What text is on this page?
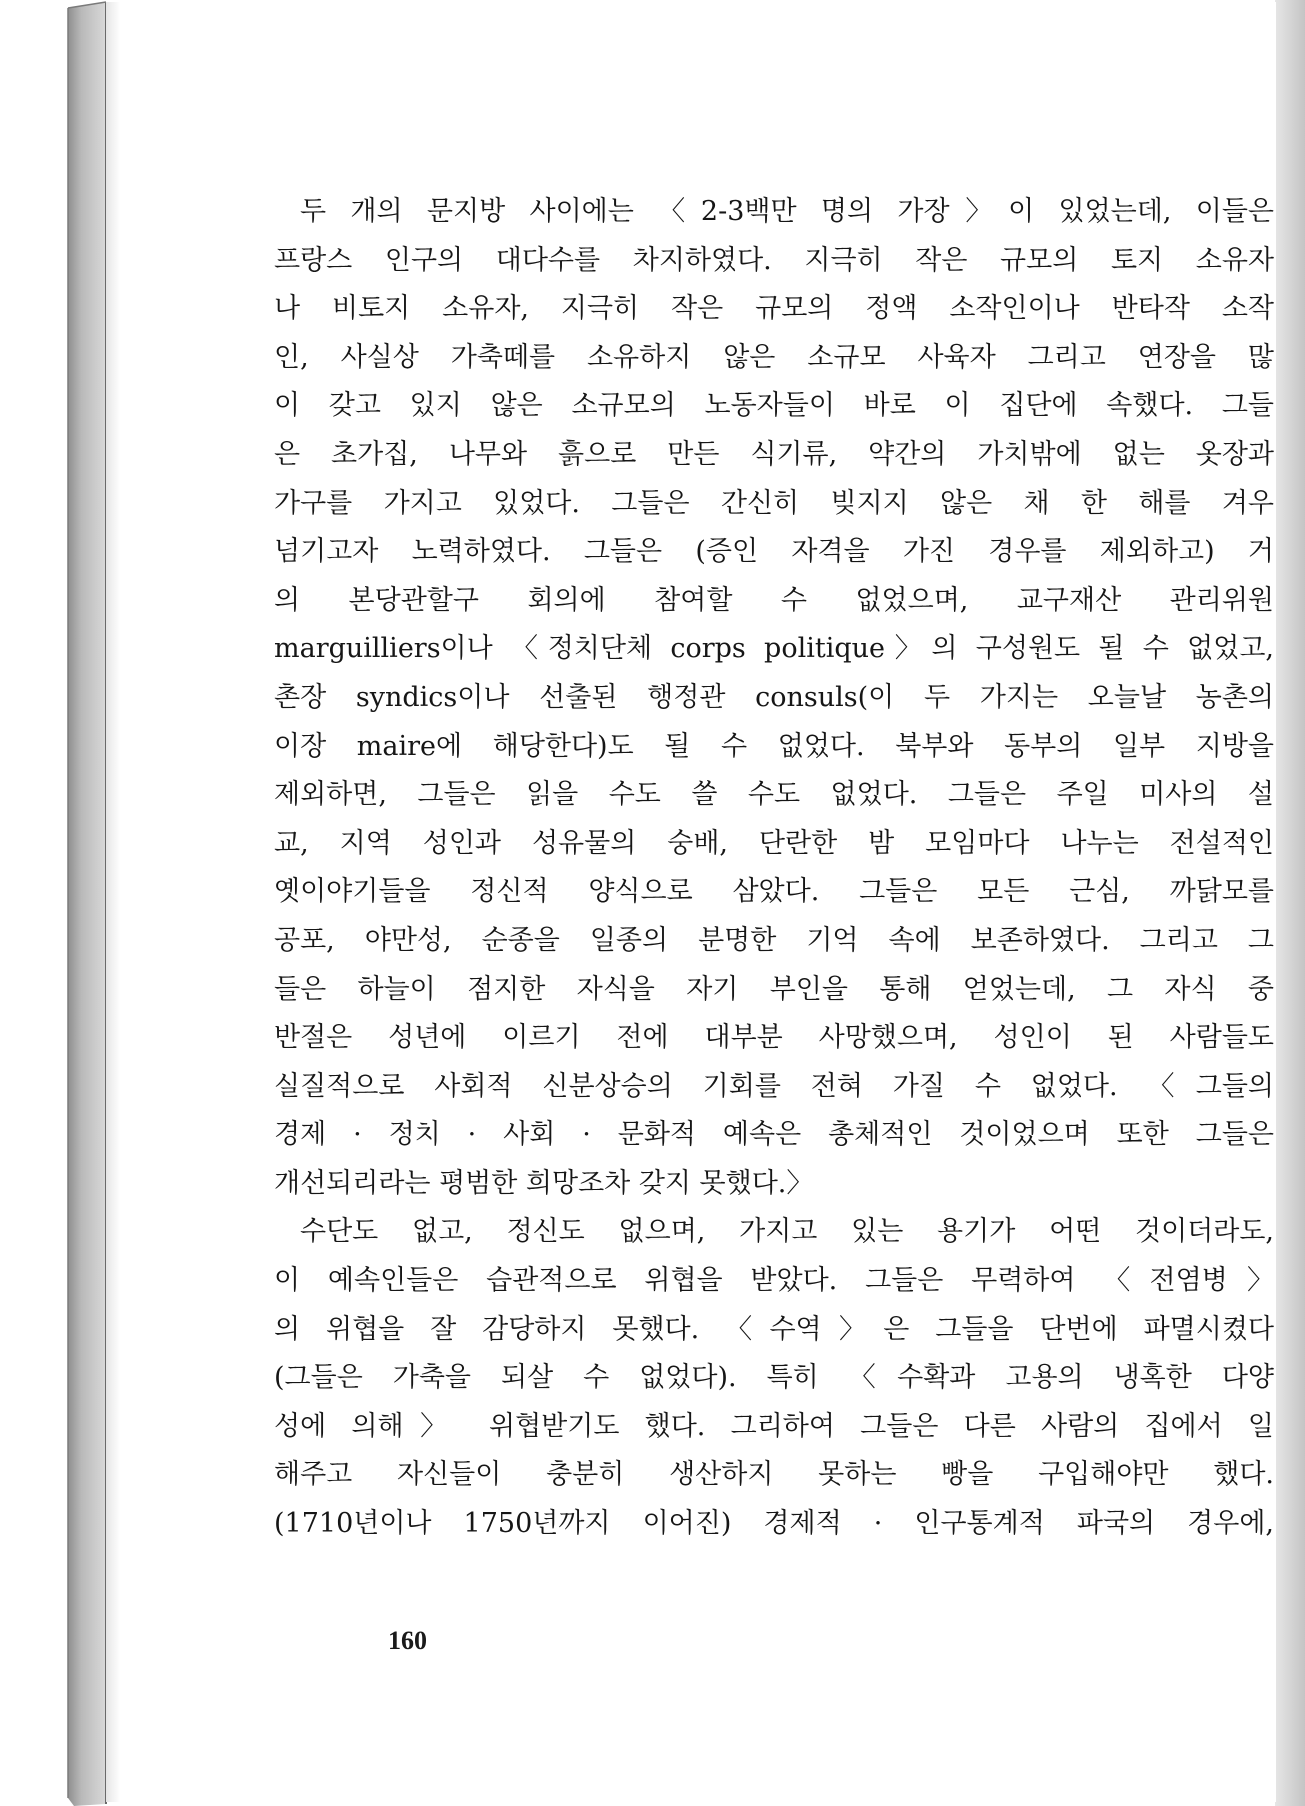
두 개의 문지방 사이에는 〈2-3백만 명의 가장〉이 있었는데, 이들은
프랑스 인구의 대다수를 차지하였다. 지극히 작은 규모의 토지 소유자
나 비토지 소유자, 지극히 작은 규모의 정액 소작인이나 반타작 소작
인, 사실상 가축떼를 소유하지 않은 소규모 사육자 그리고 연장을 많
이 갖고 있지 않은 소규모의 노동자들이 바로 이 집단에 속했다. 그들
은 초가집, 나무와 흙으로 만든 식기류, 약간의 가치밖에 없는 옷장과
가구를 가지고 있었다. 그들은 간신히 빚지지 않은 채 한 해를 겨우
넘기고자 노력하였다. 그들은 (증인 자격을 가진 경우를 제외하고) 거
의 본당관할구 회의에 참여할 수 없었으며, 교구재산 관리위원
marguilliers이나 〈정치단체 corps politique〉의 구성원도 될 수 없었고,
촌장 syndics이나 선출된 행정관 consuls(이 두 가지는 오늘날 농촌의
이장 maire에 해당한다)도 될 수 없었다. 북부와 동부의 일부 지방을
제외하면, 그들은 읽을 수도 쓸 수도 없었다. 그들은 주일 미사의 설
교, 지역 성인과 성유물의 숭배, 단란한 밤 모임마다 나누는 전설적인
옛이야기들을 정신적 양식으로 삼았다. 그들은 모든 근심, 까닭모를
공포, 야만성, 순종을 일종의 분명한 기억 속에 보존하였다. 그리고 그
들은 하늘이 점지한 자식을 자기 부인을 통해 얻었는데, 그 자식 중
반절은 성년에 이르기 전에 대부분 사망했으며, 성인이 된 사람들도
실질적으로 사회적 신분상승의 기회를 전혀 가질 수 없었다. 〈그들의
경제 · 정치 · 사회 · 문화적 예속은 총체적인 것이었으며 또한 그들은
개선되리라는 평범한 희망조차 갖지 못했다.〉
수단도 없고, 정신도 없으며, 가지고 있는 용기가 어떤 것이더라도,
이 예속인들은 습관적으로 위협을 받았다. 그들은 무력하여 〈전염병〉
의 위협을 잘 감당하지 못했다. 〈수역〉은 그들을 단번에 파멸시켰다
(그들은 가축을 되살 수 없었다). 특히 〈수확과 고용의 냉혹한 다양
성에 의해〉 위협받기도 했다. 그리하여 그들은 다른 사람의 집에서 일
해주고 자신들이 충분히 생산하지 못하는 빵을 구입해야만 했다.
(1710년이나 1750년까지 이어진) 경제적 · 인구통계적 파국의 경우에,
160
